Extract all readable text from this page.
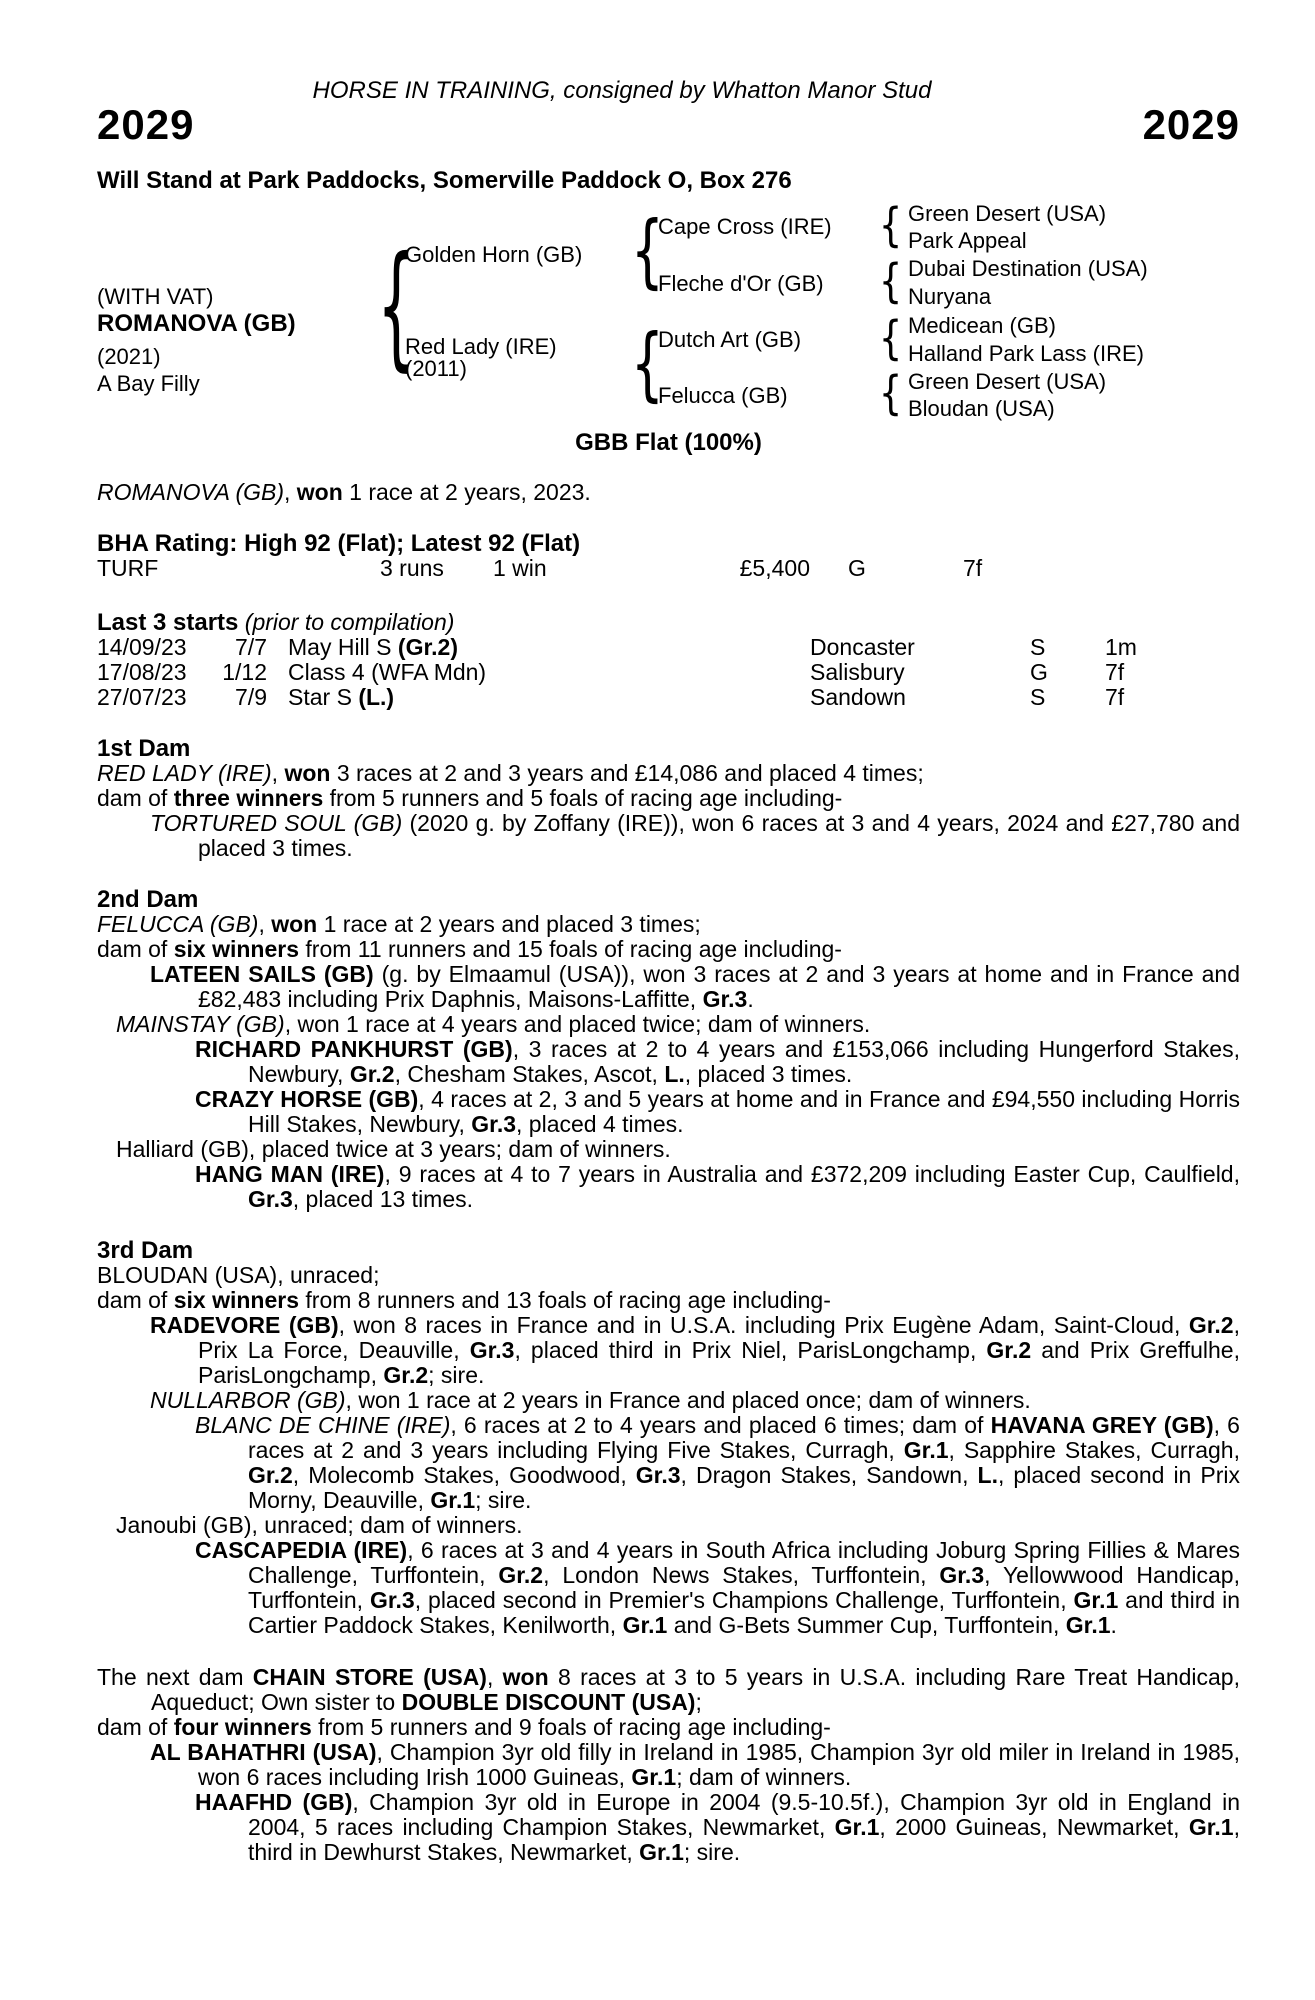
HORSE IN TRAINING, consigned by Whatton Manor Stud
2029	2029
Will Stand at Park Paddocks, Somerville Paddock O, Box 276
(WITH VAT)
ROMANOVA (GB)
(2021)
A Bay Filly {	{
{
{
{
{
{
Golden Horn (GB)
Red Lady (IRE)
(2011)
Cape Cross (IRE)
Fleche d'Or (GB)
Dutch Art (GB)
Felucca (GB)
Green Desert (USA)
Park Appeal
Dubai Destination (USA)
Nuryana
Medicean (GB)
Halland Park Lass (IRE)
Green Desert (USA)
Bloudan (USA)
GBB Flat (100%)
ROMANOVA (GB), won 1 race at 2 years, 2023.
BHA Rating: High 92 (Flat); Latest 92 (Flat)
TURF	3 runs 1 win	£5,400 G	7f
Last 3 starts (prior to compilation)
14/09/23	7/7 May Hill S (Gr.2)	Doncaster	S	1m
17/08/23	1/12 Class 4 (WFA Mdn)	Salisbury	G 7f
27/07/23	7/9 Star S (L.)	Sandown	S	7f
1st Dam
RED LADY (IRE), won 3 races at 2 and 3 years and £14,086 and placed 4 times;
dam of three winners from 5 runners and 5 foals of racing age including-
TORTURED SOUL (GB) (2020 g. by Zoffany (IRE)), won 6 races at 3 and 4 years, 2024 and £27,780 and placed 3 times.
2nd Dam
FELUCCA (GB), won 1 race at 2 years and placed 3 times;
dam of six winners from 11 runners and 15 foals of racing age including-
LATEEN SAILS (GB) (g. by Elmaamul (USA)), won 3 races at 2 and 3 years at home and in France and £82,483 including Prix Daphnis, Maisons-Laffitte, Gr.3.
MAINSTAY (GB), won 1 race at 4 years and placed twice; dam of winners.
RICHARD PANKHURST (GB), 3 races at 2 to 4 years and £153,066 including Hungerford Stakes, Newbury, Gr.2, Chesham Stakes, Ascot, L., placed 3 times.
CRAZY HORSE (GB), 4 races at 2, 3 and 5 years at home and in France and £94,550 including Horris Hill Stakes, Newbury, Gr.3, placed 4 times.
Halliard (GB), placed twice at 3 years; dam of winners.
HANG MAN (IRE), 9 races at 4 to 7 years in Australia and £372,209 including Easter Cup, Caulfield, Gr.3, placed 13 times.
3rd Dam
BLOUDAN (USA), unraced;
dam of six winners from 8 runners and 13 foals of racing age including-
RADEVORE (GB), won 8 races in France and in U.S.A. including Prix Eugène Adam, Saint-Cloud, Gr.2, Prix La Force, Deauville, Gr.3, placed third in Prix Niel, ParisLongchamp, Gr.2 and Prix Greffulhe, ParisLongchamp, Gr.2; sire.
NULLARBOR (GB), won 1 race at 2 years in France and placed once; dam of winners.
BLANC DE CHINE (IRE), 6 races at 2 to 4 years and placed 6 times; dam of HAVANA GREY (GB), 6 races at 2 and 3 years including Flying Five Stakes, Curragh, Gr.1, Sapphire Stakes, Curragh, Gr.2, Molecomb Stakes, Goodwood, Gr.3, Dragon Stakes, Sandown, L., placed second in Prix Morny, Deauville, Gr.1; sire.
Janoubi (GB), unraced; dam of winners.
CASCAPEDIA (IRE), 6 races at 3 and 4 years in South Africa including Joburg Spring Fillies & Mares Challenge, Turffontein, Gr.2, London News Stakes, Turffontein, Gr.3, Yellowwood Handicap, Turffontein, Gr.3, placed second in Premier's Champions Challenge, Turffontein, Gr.1 and third in Cartier Paddock Stakes, Kenilworth, Gr.1 and G-Bets Summer Cup, Turffontein, Gr.1.
The next dam CHAIN STORE (USA), won 8 races at 3 to 5 years in U.S.A. including Rare Treat Handicap, Aqueduct; Own sister to DOUBLE DISCOUNT (USA);
dam of four winners from 5 runners and 9 foals of racing age including-
AL BAHATHRI (USA), Champion 3yr old filly in Ireland in 1985, Champion 3yr old miler in Ireland in 1985, won 6 races including Irish 1000 Guineas, Gr.1; dam of winners.
HAAFHD (GB), Champion 3yr old in Europe in 2004 (9.5-10.5f.), Champion 3yr old in England in 2004, 5 races including Champion Stakes, Newmarket, Gr.1, 2000 Guineas, Newmarket, Gr.1, third in Dewhurst Stakes, Newmarket, Gr.1; sire.
